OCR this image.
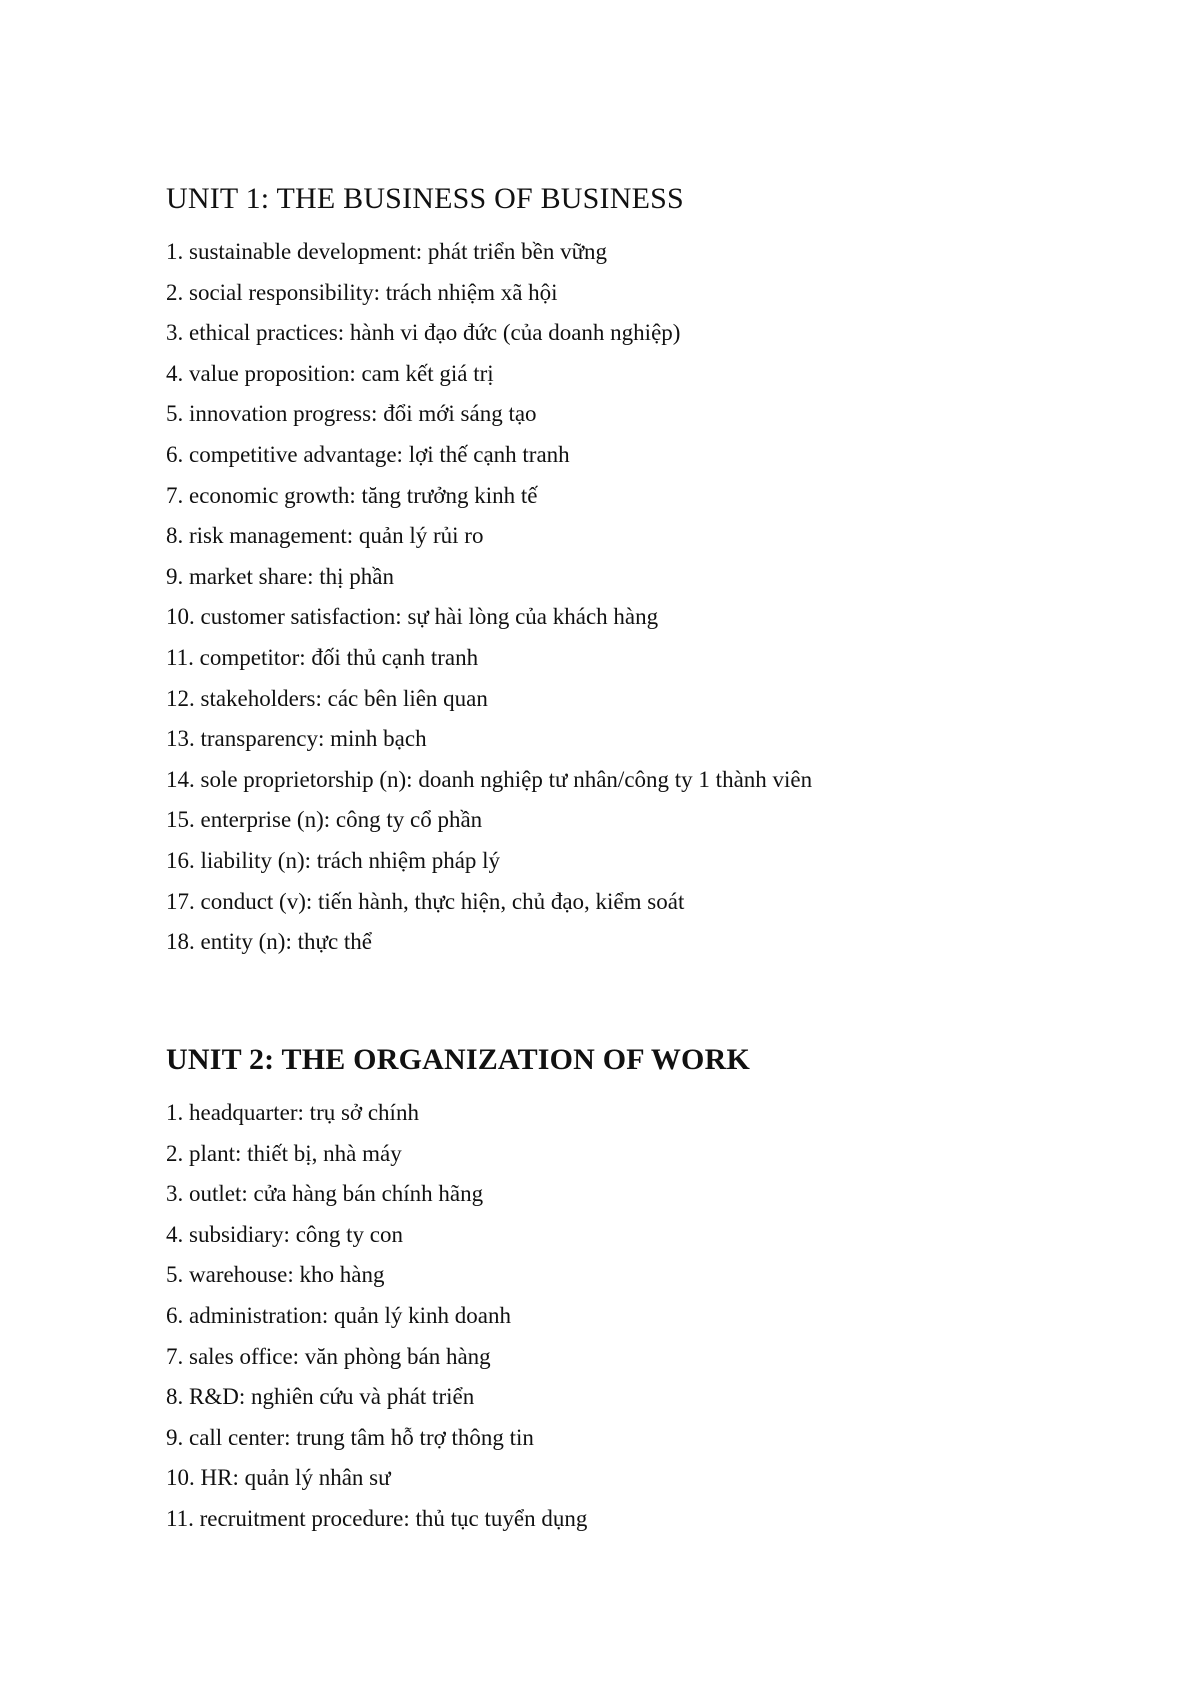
UNIT 1: THE BUSINESS OF BUSINESS
1. sustainable development: phát triển bền vững
2. social responsibility: trách nhiệm xã hội
3. ethical practices: hành vi đạo đức (của doanh nghiệp)
4. value proposition: cam kết giá trị
5. innovation progress: đổi mới sáng tạo
6. competitive advantage: lợi thế cạnh tranh
7. economic growth: tăng trưởng kinh tế
8. risk management: quản lý rủi ro
9. market share: thị phần
10. customer satisfaction: sự hài lòng của khách hàng
11. competitor: đối thủ cạnh tranh
12. stakeholders: các bên liên quan
13. transparency: minh bạch
14. sole proprietorship (n): doanh nghiệp tư nhân/công ty 1 thành viên
15. enterprise (n): công ty cổ phần
16. liability (n): trách nhiệm pháp lý
17. conduct (v): tiến hành, thực hiện, chủ đạo, kiểm soát
18. entity (n): thực thể
UNIT 2: THE ORGANIZATION OF WORK
1. headquarter: trụ sở chính
2. plant: thiết bị, nhà máy
3. outlet: cửa hàng bán chính hãng
4. subsidiary: công ty con
5. warehouse: kho hàng
6. administration: quản lý kinh doanh
7. sales office: văn phòng bán hàng
8. R&D: nghiên cứu và phát triển
9. call center: trung tâm hỗ trợ thông tin
10. HR: quản lý nhân sư
11. recruitment procedure: thủ tục tuyển dụng
